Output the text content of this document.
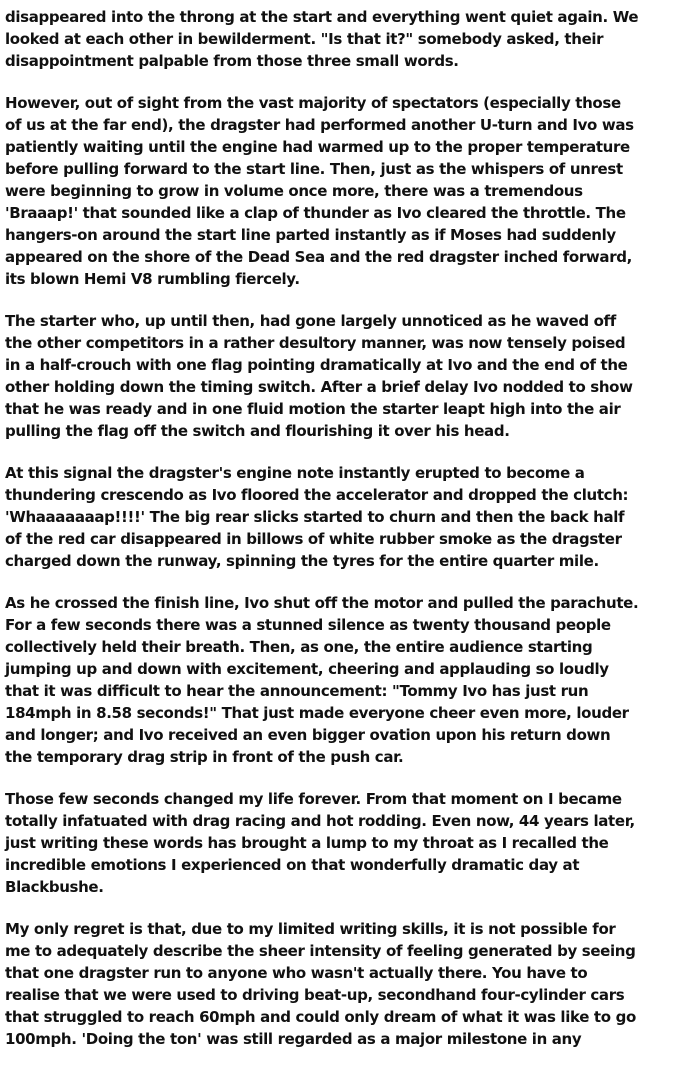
disappeared into the throng at the start and everything went quiet again. We
looked at each other in bewilderment. "Is that it?" somebody asked, their
disappointment palpable from those three small words.
However, out of sight from the vast majority of spectators (especially those
of us at the far end), the dragster had performed another U-turn and Ivo was
patiently waiting until the engine had warmed up to the proper temperature
before pulling forward to the start line. Then, just as the whispers of unrest
were beginning to grow in volume once more, there was a tremendous
'Braaap!' that sounded like a clap of thunder as Ivo cleared the throttle. The
hangers-on around the start line parted instantly as if Moses had suddenly
appeared on the shore of the Dead Sea and the red dragster inched forward,
its blown Hemi V8 rumbling fiercely.
The starter who, up until then, had gone largely unnoticed as he waved off
the other competitors in a rather desultory manner, was now tensely poised
in a half-crouch with one flag pointing dramatically at Ivo and the end of the
other holding down the timing switch. After a brief delay Ivo nodded to show
that he was ready and in one fluid motion the starter leapt high into the air
pulling the flag off the switch and flourishing it over his head.
At this signal the dragster's engine note instantly erupted to become a
thundering crescendo as Ivo floored the accelerator and dropped the clutch:
'Whaaaaaaap!!!!' The big rear slicks started to churn and then the back half
of the red car disappeared in billows of white rubber smoke as the dragster
charged down the runway, spinning the tyres for the entire quarter mile.
As he crossed the finish line, Ivo shut off the motor and pulled the parachute.
For a few seconds there was a stunned silence as twenty thousand people
collectively held their breath. Then, as one, the entire audience starting
jumping up and down with excitement, cheering and applauding so loudly
that it was difficult to hear the announcement: "Tommy Ivo has just run
184mph in 8.58 seconds!" That just made everyone cheer even more, louder
and longer; and Ivo received an even bigger ovation upon his return down
the temporary drag strip in front of the push car.
Those few seconds changed my life forever. From that moment on I became
totally infatuated with drag racing and hot rodding. Even now, 44 years later,
just writing these words has brought a lump to my throat as I recalled the
incredible emotions I experienced on that wonderfully dramatic day at
Blackbushe.
My only regret is that, due to my limited writing skills, it is not possible for
me to adequately describe the sheer intensity of feeling generated by seeing
that one dragster run to anyone who wasn't actually there. You have to
realise that we were used to driving beat-up, secondhand four-cylinder cars
that struggled to reach 60mph and could only dream of what it was like to go
100mph. 'Doing the ton' was still regarded as a major milestone in any
